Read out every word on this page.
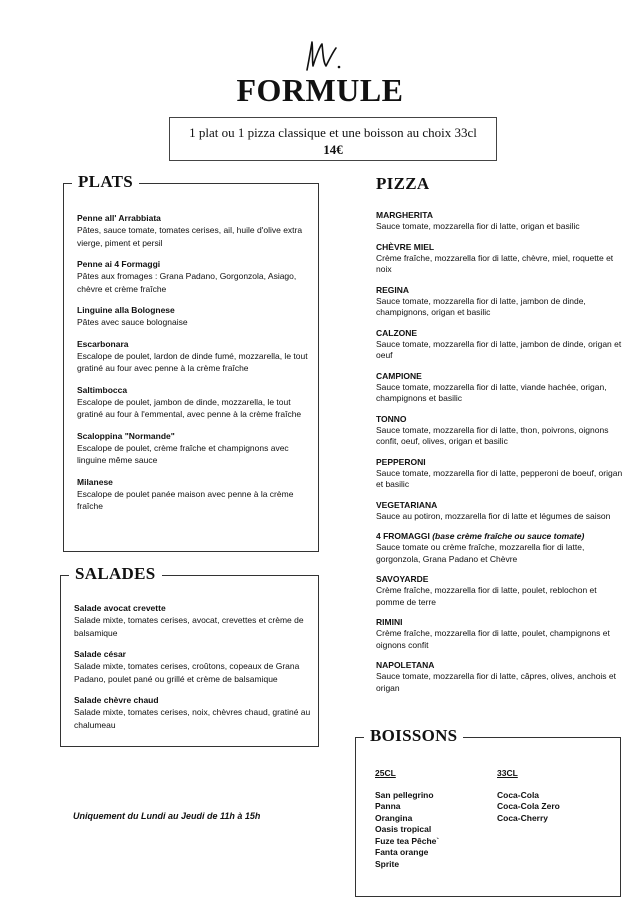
FORMULE
1 plat ou 1 pizza classique et une boisson au choix 33cl
14€
PLATS
Penne all' Arrabbiata
Pâtes, sauce tomate, tomates cerises, ail, huile d'olive extra vierge, piment et persil
Penne ai 4 Formaggi
Pâtes aux fromages : Grana Padano, Gorgonzola, Asiago, chèvre et crème fraîche
Linguine alla Bolognese
Pâtes avec sauce bolognaise
Escarbonara
Escalope de poulet, lardon de dinde fumé, mozzarella, le tout gratiné au four avec penne à la crème fraîche
Saltimbocca
Escalope de poulet, jambon de dinde, mozzarella, le tout gratiné au four à l'emmental, avec penne à la crème fraîche
Scaloppina "Normande"
Escalope de poulet, crème fraîche et champignons avec linguine même sauce
Milanese
Escalope de poulet panée maison avec penne à la crème fraîche
SALADES
Salade avocat crevette
Salade mixte, tomates cerises, avocat, crevettes et crème de balsamique
Salade césar
Salade mixte, tomates cerises, croûtons, copeaux de Grana Padano, poulet pané ou grillé et crème de balsamique
Salade chèvre chaud
Salade mixte, tomates cerises, noix, chèvres chaud, gratiné au chalumeau
PIZZA
MARGHERITA
Sauce tomate, mozzarella fior di latte, origan et basilic
CHÈVRE MIEL
Crème fraîche, mozzarella fior di latte, chèvre, miel, roquette et noix
REGINA
Sauce tomate, mozzarella fior di latte, jambon de dinde, champignons, origan et basilic
CALZONE
Sauce tomate, mozzarella fior di latte, jambon de dinde, origan et oeuf
CAMPIONE
Sauce tomate, mozzarella fior di latte, viande hachée, origan, champignons et basilic
TONNO
Sauce tomate, mozzarella fior di latte, thon, poivrons, oignons confit, oeuf, olives, origan et basilic
PEPPERONI
Sauce tomate, mozzarella fior di latte, pepperoni de boeuf, origan et basilic
VEGETARIANA
Sauce au potiron, mozzarella fior di latte et légumes de saison
4 FROMAGGI (base crème fraîche ou sauce tomate)
Sauce tomate ou crème fraîche, mozzarella fior di latte, gorgonzola, Grana Padano et Chèvre
SAVOYARDE
Crème fraîche, mozzarella fior di latte, poulet, reblochon et pomme de terre
RIMINI
Crème fraîche, mozzarella fior di latte, poulet, champignons et oignons confit
NAPOLETANA
Sauce tomate, mozzarella fior di latte, câpres, olives, anchois et origan
BOISSONS
25CL
San pellegrino
Panna
Orangina
Oasis tropical
Fuze tea Pêche`
Fanta orange
Sprite
33CL
Coca-Cola
Coca-Cola Zero
Coca-Cherry
Uniquement du Lundi au Jeudi de 11h à 15h
